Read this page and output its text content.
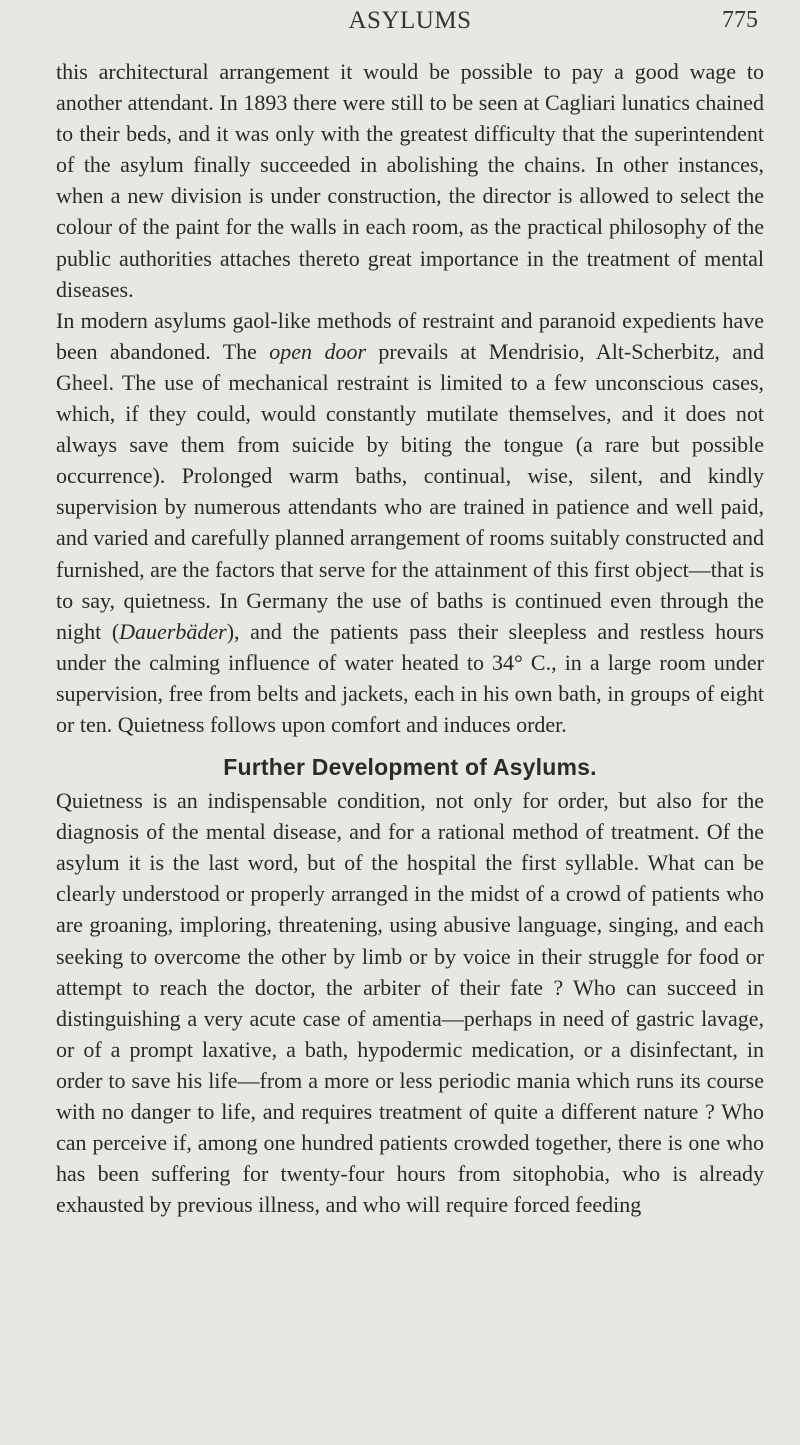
ASYLUMS	775

this architectural arrangement it would be possible to pay a good wage to another attendant. In 1893 there were still to be seen at Cagliari lunatics chained to their beds, and it was only with the greatest difficulty that the superintendent of the asylum finally succeeded in abolishing the chains. In other instances, when a new division is under construction, the director is allowed to select the colour of the paint for the walls in each room, as the practical philosophy of the public authorities attaches thereto great importance in the treatment of mental diseases.

In modern asylums gaol-like methods of restraint and paranoid expedients have been abandoned. The open door prevails at Mendrisio, Alt-Scherbitz, and Gheel. The use of mechanical restraint is limited to a few unconscious cases, which, if they could, would constantly mutilate themselves, and it does not always save them from suicide by biting the tongue (a rare but possible occurrence). Prolonged warm baths, continual, wise, silent, and kindly supervision by numerous attendants who are trained in patience and well paid, and varied and carefully planned arrangement of rooms suitably constructed and furnished, are the factors that serve for the attainment of this first object—that is to say, quietness. In Germany the use of baths is continued even through the night (Dauerbäder), and the patients pass their sleepless and restless hours under the calming influence of water heated to 34° C., in a large room under supervision, free from belts and jackets, each in his own bath, in groups of eight or ten. Quietness follows upon comfort and induces order.

Further Development of Asylums.

Quietness is an indispensable condition, not only for order, but also for the diagnosis of the mental disease, and for a rational method of treatment. Of the asylum it is the last word, but of the hospital the first syllable. What can be clearly understood or properly arranged in the midst of a crowd of patients who are groaning, imploring, threatening, using abusive language, singing, and each seeking to overcome the other by limb or by voice in their struggle for food or attempt to reach the doctor, the arbiter of their fate ? Who can succeed in distinguishing a very acute case of amentia—perhaps in need of gastric lavage, or of a prompt laxative, a bath, hypodermic medication, or a disinfectant, in order to save his life—from a more or less periodic mania which runs its course with no danger to life, and requires treatment of quite a different nature ? Who can perceive if, among one hundred patients crowded together, there is one who has been suffering for twenty-four hours from sitophobia, who is already exhausted by previous illness, and who will require forced feeding
